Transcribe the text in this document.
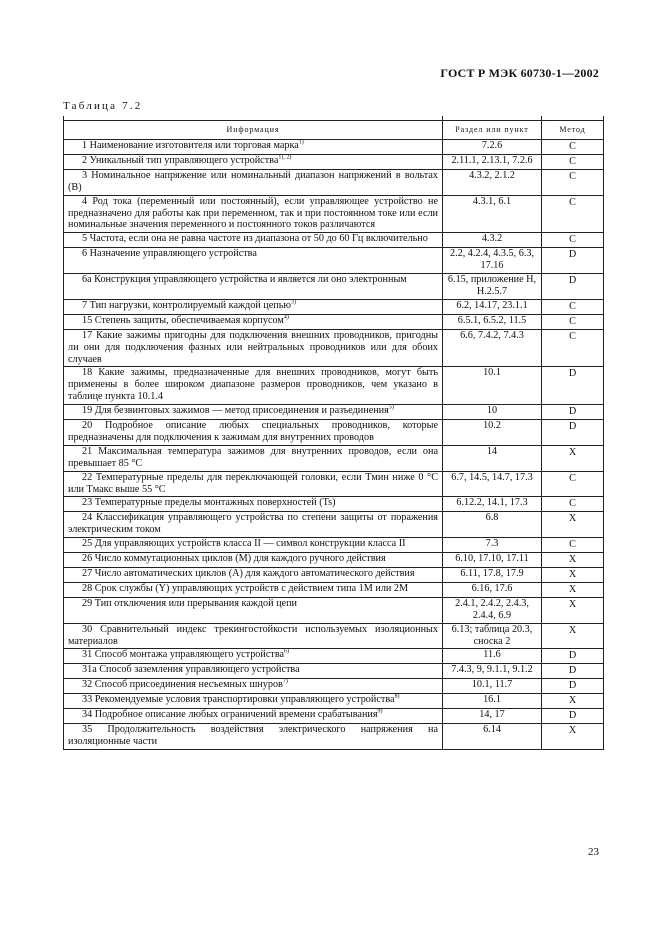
ГОСТ Р МЭК 60730-1—2002
Таблица 7.2

Информация	Раздел или пункт	Метод

1 Наименование изготовителя или торговая марка$^{1)}$	7.2.6	C

2 Уникальный тип управляющего устройства$^{1), 2)}$	2.11.1, 2.13.1, 7.2.6	C

3 Номинальное напряжение или номинальный диапазон напряжений в вольтах (В)	4.3.2, 2.1.2	C

4 Род тока (переменный или постоянный), если управляющее устройство не предназначено для работы как при переменном, так и при постоянном токе или если номинальные значения переменного и постоянного токов различаются	4.3.1, 6.1	C

5 Частота, если она не равна частоте из диапазона от 50 до 60 Гц включительно	4.3.2	C

6 Назначение управляющего устройства	2.2, 4.2.4, 4.3.5, 6.3, 17.16	D

6а Конструкция управляющего устройства и является ли оно электронным	6.15, приложение H, H.2.5.7	D

7 Тип нагрузки, контролируемый каждой цепью$^{3)}$	6.2, 14.17, 23.1.1	C

15 Степень защиты, обеспечиваемая корпусом$^{4)}$	6.5.1, 6.5.2, 11.5	C

17 Какие зажимы пригодны для подключения внешних проводников, пригодны ли они для подключения фазных или нейтральных проводников или для обоих случаев	6.6, 7.4.2, 7.4.3	C

18 Какие зажимы, предназначенные для внешних проводников, могут быть применены в более широком диапазоне размеров проводников, чем указано в таблице пункта 10.1.4	10.1	D

19 Для безвинтовых зажимов — метод присоединения и разъединения$^{5)}$	10	D

20 Подробное описание любых специальных проводников, которые предназначены для подключения к зажимам для внутренних проводов	10.2	D

21 Максимальная температура зажимов для внутренних проводов, если она превышает 85 °С	14	X

22 Температурные пределы для переключающей головки, если Tмин ниже 0 °С или Tмакс выше 55 °С	6.7, 14.5, 14.7, 17.3	C

23 Температурные пределы монтажных поверхностей (Ts)	6.12.2, 14.1, 17.3	C

24 Классификация управляющего устройства по степени защиты от поражения электрическим током	6.8	X

25 Для управляющих устройств класса II — символ конструкции класса II	7.3	C

26 Число коммутационных циклов (М) для каждого ручного действия	6.10, 17.10, 17.11	X

27 Число автоматических циклов (А) для каждого автоматического действия	6.11, 17.8, 17.9	X

28 Срок службы (Y) управляющих устройств с действием типа 1М или 2М	6.16, 17.6	X

29 Тип отключения или прерывания каждой цепи	2.4.1, 2.4.2, 2.4.3, 2.4.4, 6.9	X

30 Сравнительный индекс трекингостойкости используемых изоляционных материалов	6.13; таблица 20.3, сноска 2	X

31 Способ монтажа управляющего устройства$^{6)}$	11.6	D

31а Способ заземления управляющего устройства	7.4.3, 9, 9.1.1, 9.1.2	D

32 Способ присоединения несъемных шнуров$^{7)}$	10.1, 11.7	D

33 Рекомендуемые условия транспортировки управляющего устройства$^{8)}$	16.1	X

34 Подробное описание любых ограничений времени срабатывания$^{9)}$	14, 17	D

35 Продолжительность воздействия электрического напряжения на изоляционные части	6.14	X
23
